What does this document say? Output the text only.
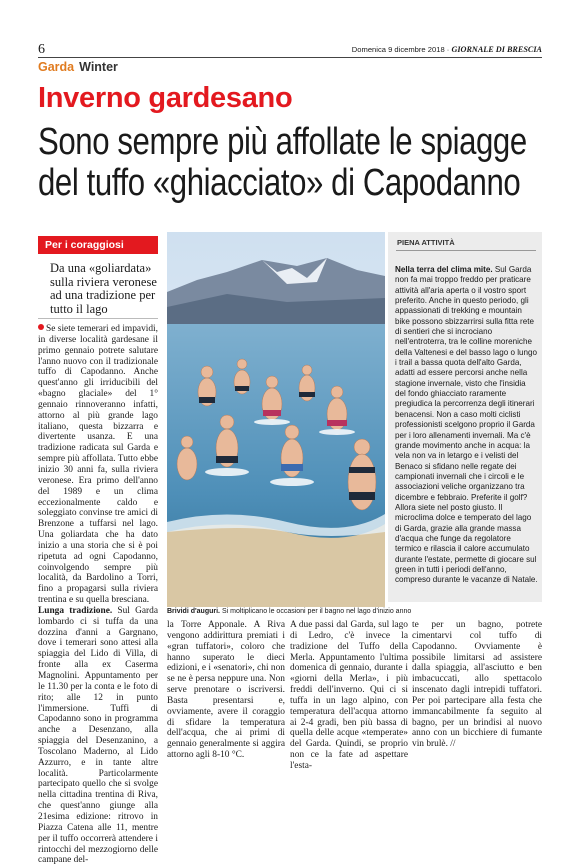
6	Domenica 9 dicembre 2018 · GIORNALE DI BRESCIA
Garda Winter
Inverno gardesano
Sono sempre più affollate le spiagge
del tuffo «ghiacciato» di Capodanno
Per i coraggiosi
Da una «goliardata» sulla riviera veronese ad una tradizione per tutto il lago

Se siete temerari ed impavidi, in diverse località gardesane il primo gennaio potrete salutare l'anno nuovo con il tradizionale tuffo di Capodanno. Anche quest'anno gli irriducibili del «bagno glaciale» del 1° gennaio rinnoveranno infatti, attorno al più grande lago italiano, questa bizzarra e divertente usanza. E una tradizione radicata sul Garda e sempre più affollata. Tutto ebbe inizio 30 anni fa, sulla riviera veronese. Era primo dell'anno del 1989 e un clima eccezionalmente caldo e soleggiato convinse tre amici di Brenzone a tuffarsi nel lago. Una goliardata che ha dato inizio a una storia che si è poi ripetuta ad ogni Capodanno, coinvolgendo sempre più località, da Bardolino a Torri, fino a propagarsi sulla riviera trentina e su quella bresciana.

Lunga tradizione. Sul Garda lombardo ci si tuffa da una dozzina d'anni a Gargnano, dove i temerari sono attesi alla spiaggia del Lido di Villa, di fronte alla ex Caserma Magnolini. Appuntamento per le 11.30 per la conta e le foto di rito; alle 12 in punto l'immersione. Tuffi di Capodanno sono in programma anche a Desenzano, alla spiaggia del Desenzanino, a Toscolano Maderno, al Lido Azzurro, e in tante altre località. Particolarmente partecipato quello che si svolge nella cittadina trentina di Riva, che quest'anno giunge alla 21esima edizione: ritrovo in Piazza Catena alle 11, mentre per il tuffo occorrerà attendere i rintocchi del mezzogiorno delle campane del-

Brividi d'auguri. Si moltiplicano le occasioni per il bagno nel lago d'inizio anno
PIENA ATTIVITÀ
Nella terra del clima mite. Sul Garda non fa mai troppo freddo per praticare attività all'aria aperta o il vostro sport preferito. Anche in questo periodo, gli appassionati di trekking e mountain bike possono sbizzarrirsi sulla fitta rete di sentieri che si incrociano nell'entroterra, tra le colline moreniche della Valtenesi e del basso lago o lungo i trail a bassa quota dell'alto Garda, adatti ad essere percorsi anche nella stagione invernale, visto che l'insidia del fondo ghiacciato raramente pregiudica la percorrenza degli itinerari benacensi. Non a caso molti ciclisti professionisti scelgono proprio il Garda per i loro allenamenti invernali. Ma c'è grande movimento anche in acqua: la vela non va in letargo e i velisti del Benaco si sfidano nelle regate dei campionati invernali che i circoli e le associazioni veliche organizzano tra dicembre e febbraio. Preferite il golf? Allora siete nel posto giusto. Il microclima dolce e temperato del lago di Garda, grazie alla grande massa d'acqua che funge da regolatore termico e rilascia il calore accumulato durante l'estate, permette di giocare sul green in tutti i periodi dell'anno, compreso durante le vacanze di Natale.

la Torre Apponale. A Riva vengono addirittura premiati i «gran tuffatori», coloro che hanno superato le dieci edizioni, e i «senatori», chi non se ne è persa neppure una. Non serve prenotare o iscriversi. Basta presentarsi e, ovviamente, avere il coraggio di sfidare la temperatura dell'acqua, che ai primi di gennaio generalmente si aggira attorno agli 8-10 °C.

A due passi dal Garda, sul lago di Ledro, c'è invece la tradizione del Tuffo della Merla. Appuntamento l'ultima domenica di gennaio, durante i «giorni della Merla», i più freddi dell'inverno. Qui ci si tuffa in un lago alpino, con temperatura dell'acqua attorno ai 2-4 gradi, ben più bassa di quella delle acque «temperate» del Garda. Quindi, se proprio non ce la fate ad aspettare l'esta-

te per un bagno, potrete cimentarvi col tuffo di Capodanno. Ovviamente è possibile limitarsi ad assistere dalla spiaggia, all'asciutto e ben imbacuccati, allo spettacolo inscenato dagli intrepidi tuffatori. Per poi partecipare alla festa che immancabilmente fa seguito al bagno, per un brindisi al nuovo anno con un bicchiere di fumante vin brulè. //
